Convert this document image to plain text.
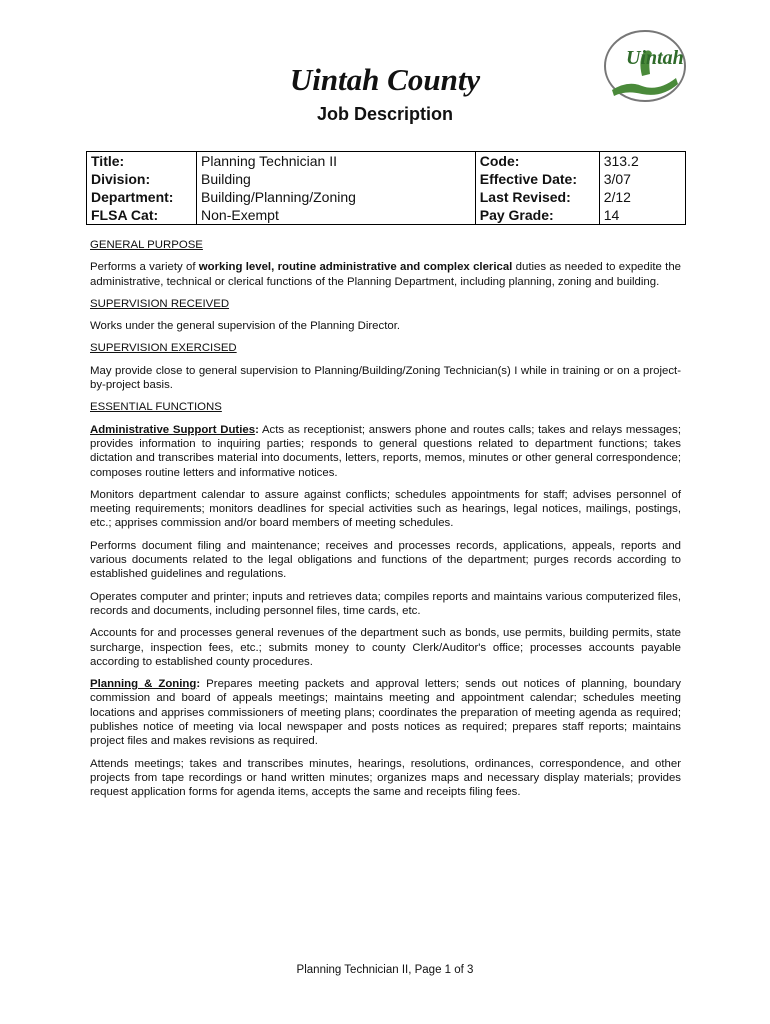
Uintah
Uintah County
Job Description
Title:	Planning Technician II	Code:	313.2
Division:	Building	Effective Date:	3/07
Department:	Building/Planning/Zoning	Last Revised:	2/12
FLSA Cat:	Non-Exempt	Pay Grade:	14
GENERAL PURPOSE
Performs a variety of working level, routine administrative and complex clerical duties as needed to expedite the administrative, technical or clerical functions of the Planning Department, including planning, zoning and building.
SUPERVISION RECEIVED
Works under the general supervision of the Planning Director.
SUPERVISION EXERCISED
May provide close to general supervision to Planning/Building/Zoning Technician(s) I while in training or on a project-by-project basis.
ESSENTIAL FUNCTIONS
Administrative Support Duties: Acts as receptionist; answers phone and routes calls; takes and relays messages; provides information to inquiring parties; responds to general questions related to department functions; takes dictation and transcribes material into documents, letters, reports, memos, minutes or other general correspondence; composes routine letters and informative notices.
Monitors department calendar to assure against conflicts; schedules appointments for staff; advises personnel of meeting requirements; monitors deadlines for special activities such as hearings, legal notices, mailings, postings, etc.; apprises commission and/or board members of meeting schedules.
Performs document filing and maintenance; receives and processes records, applications, appeals, reports and various documents related to the legal obligations and functions of the department; purges records according to established guidelines and regulations.
Operates computer and printer; inputs and retrieves data; compiles reports and maintains various computerized files, records and documents, including personnel files, time cards, etc.
Accounts for and processes general revenues of the department such as bonds, use permits, building permits, state surcharge, inspection fees, etc.; submits money to county Clerk/Auditor's office; processes accounts payable according to established county procedures.
Planning & Zoning: Prepares meeting packets and approval letters; sends out notices of planning, boundary commission and board of appeals meetings; maintains meeting and appointment calendar; schedules meeting locations and apprises commissioners of meeting plans; coordinates the preparation of meeting agenda as required; publishes notice of meeting via local newspaper and posts notices as required; prepares staff reports; maintains project files and makes revisions as required.
Attends meetings; takes and transcribes minutes, hearings, resolutions, ordinances, correspondence, and other projects from tape recordings or hand written minutes; organizes maps and necessary display materials; provides request application forms for agenda items, accepts the same and receipts filing fees.
Planning Technician II, Page 1 of 3
